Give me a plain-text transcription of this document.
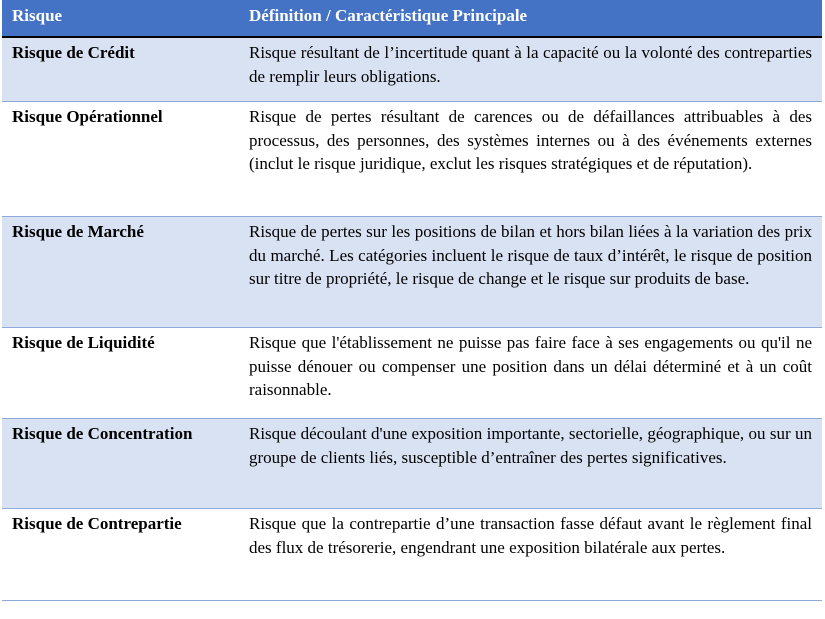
Risque	Définition / Caractéristique Principale
Risque de Crédit	Risque résultant de l’incertitude quant à la capacité ou la volonté des contreparties de remplir leurs obligations.
Risque Opérationnel	Risque de pertes résultant de carences ou de défaillances attribuables à des processus, des personnes, des systèmes internes ou à des événements externes (inclut le risque juridique, exclut les risques stratégiques et de réputation).
Risque de Marché	Risque de pertes sur les positions de bilan et hors bilan liées à la variation des prix du marché. Les catégories incluent le risque de taux d’intérêt, le risque de position sur titre de propriété, le risque de change et le risque sur produits de base.
Risque de Liquidité	Risque que l'établissement ne puisse pas faire face à ses engagements ou qu'il ne puisse dénouer ou compenser une position dans un délai déterminé et à un coût raisonnable.
Risque de Concentration	Risque découlant d'une exposition importante, sectorielle, géographique, ou sur un groupe de clients liés, susceptible d’entraîner des pertes significatives.
Risque de Contrepartie	Risque que la contrepartie d’une transaction fasse défaut avant le règlement final des flux de trésorerie, engendrant une exposition bilatérale aux pertes.
